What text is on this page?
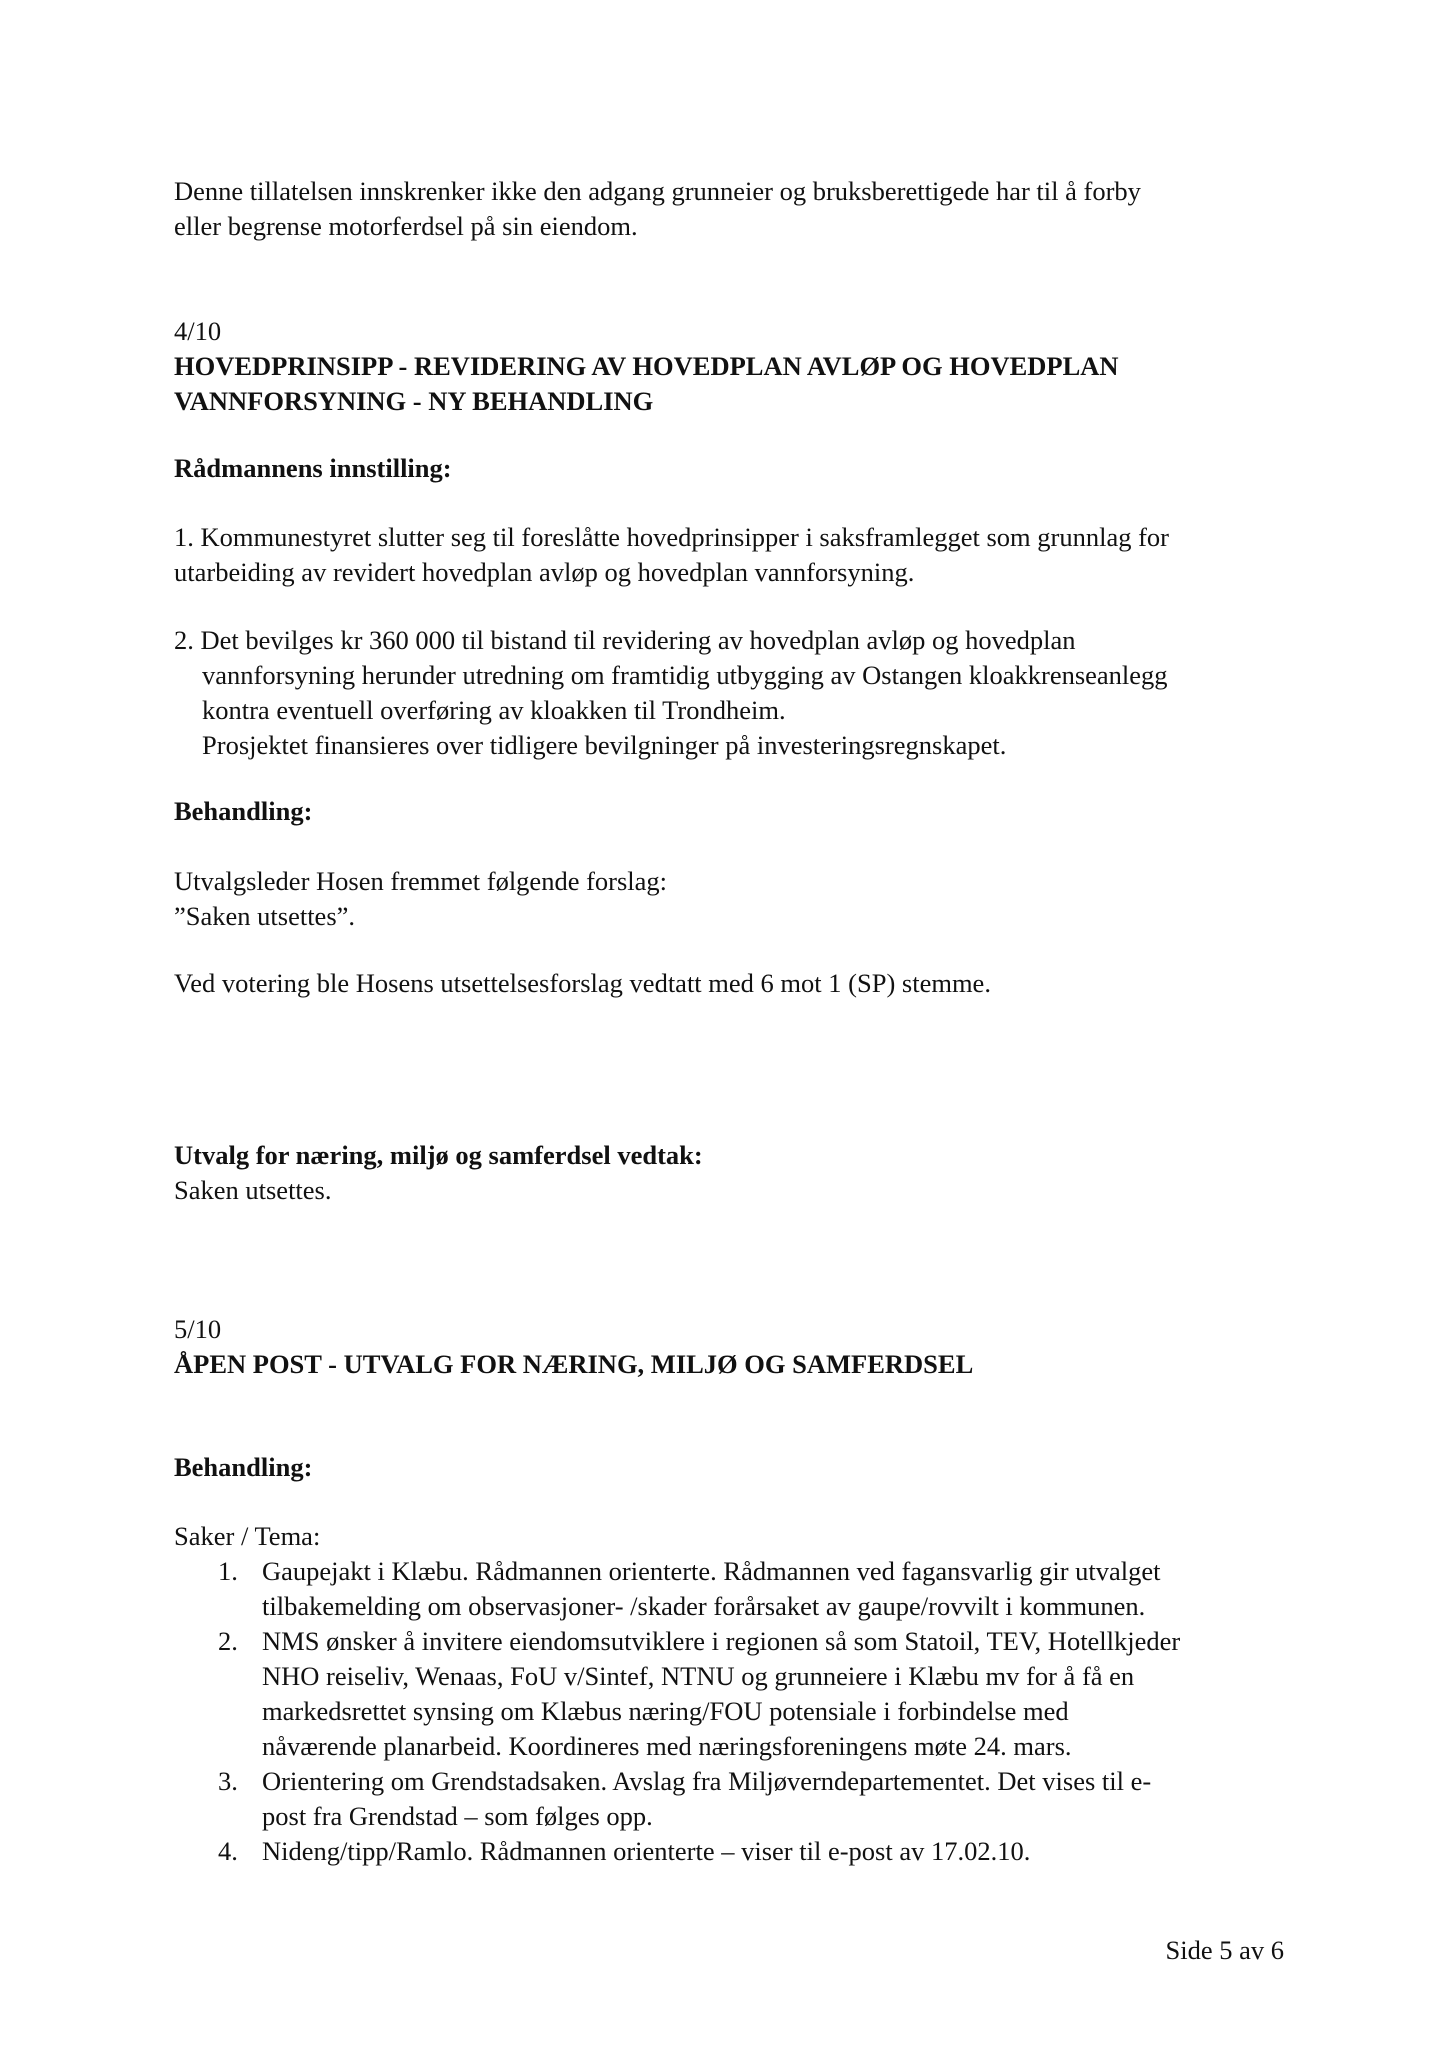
Denne tillatelsen innskrenker ikke den adgang grunneier og bruksberettigede har til å forby

eller begrense motorferdsel på sin eiendom.

4/10

HOVEDPRINSIPP - REVIDERING AV HOVEDPLAN AVLØP OG HOVEDPLAN

VANNFORSYNING - NY BEHANDLING

Rådmannens innstilling:

1. Kommunestyret slutter seg til foreslåtte hovedprinsipper i saksframlegget som grunnlag for

utarbeiding av revidert hovedplan avløp og hovedplan vannforsyning.

2. Det bevilges kr 360 000 til bistand til revidering av hovedplan avløp og hovedplan

vannforsyning herunder utredning om framtidig utbygging av Ostangen kloakkrenseanlegg

kontra eventuell overføring av kloakken til Trondheim.

Prosjektet finansieres over tidligere bevilgninger på investeringsregnskapet.

Behandling:

Utvalgsleder Hosen fremmet følgende forslag:

”Saken utsettes”.

Ved votering ble Hosens utsettelsesforslag vedtatt med 6 mot 1 (SP) stemme.

Utvalg for næring, miljø og samferdsel vedtak:

Saken utsettes.

5/10

ÅPEN POST - UTVALG FOR NÆRING, MILJØ OG SAMFERDSEL

Behandling:

Saker / Tema:

1. Gaupejakt i Klæbu. Rådmannen orienterte. Rådmannen ved fagansvarlig gir utvalget

tilbakemelding om observasjoner- /skader forårsaket av gaupe/rovvilt i kommunen.

2. NMS ønsker å invitere eiendomsutviklere i regionen så som Statoil, TEV, Hotellkjeder

NHO reiseliv, Wenaas, FoU v/Sintef, NTNU og grunneiere i Klæbu mv for å få en

markedsrettet synsing om Klæbus næring/FOU potensiale i forbindelse med

nåværende planarbeid. Koordineres med næringsforeningens møte 24. mars.

3. Orientering om Grendstadsaken. Avslag fra Miljøverndepartementet. Det vises til e-

post fra Grendstad – som følges opp.

4. Nideng/tipp/Ramlo. Rådmannen orienterte – viser til e-post av 17.02.10.

Side 5 av 6
